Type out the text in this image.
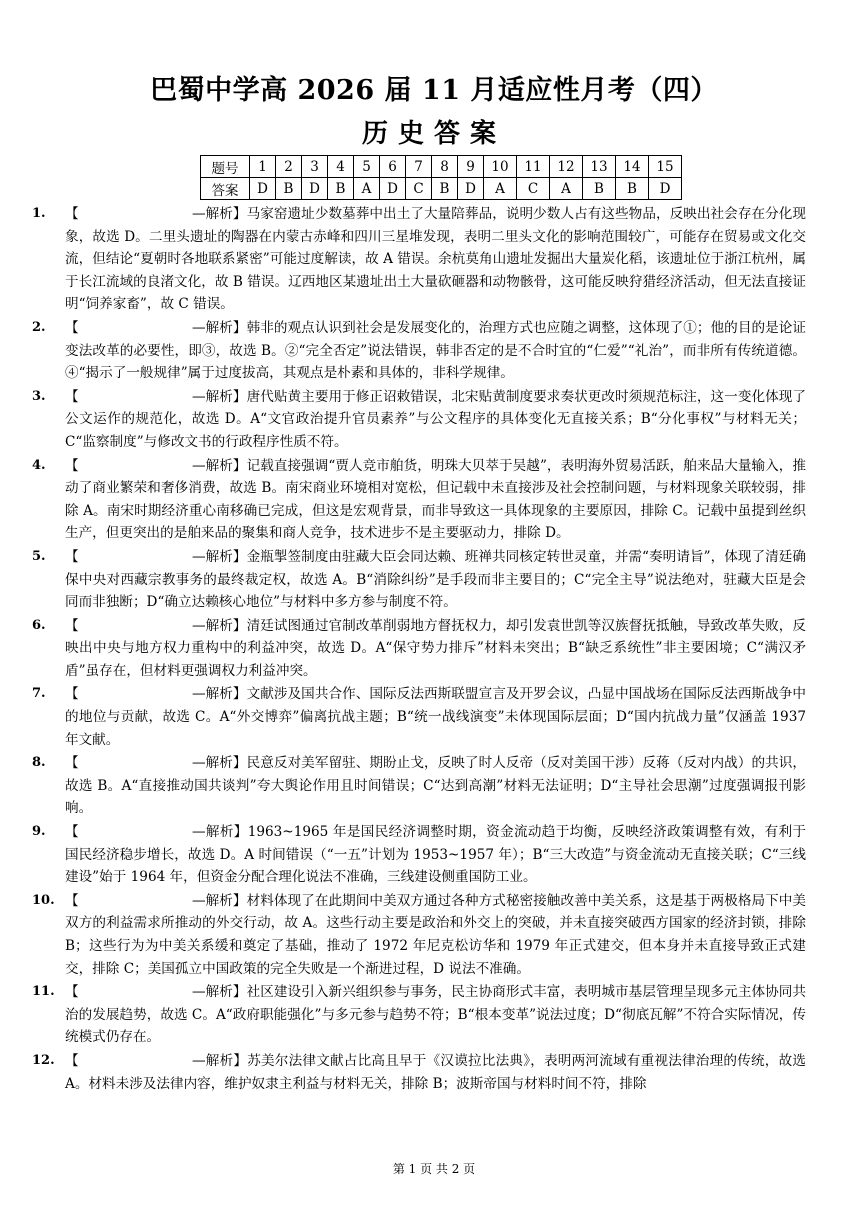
巴蜀中学高 2026 届 11 月适应性月考（四）
历史答案
题号	1	2	3	4	5	6	7	8	9	10	11	12	13	14	15
答案	D	B	D	B	A	D	C	B	D	A	C	A	B	B	D
1. 【	—解析】马家窑遗址少数墓葬中出土了大量陪葬品，说明少数人占有这些物品，反映出社会存在分化现象，故选 D。二里头遗址的陶器在内蒙古赤峰和四川三星堆发现，表明二里头文化的影响范围较广，可能存在贸易或文化交流，但结论“夏朝时各地联系紧密”可能过度解读，故 A 错误。余杭莫角山遗址发掘出大量炭化稻，该遗址位于浙江杭州，属于长江流域的良渚文化，故 B 错误。辽西地区某遗址出土大量砍砸器和动物骸骨，这可能反映狩猎经济活动，但无法直接证明“饲养家畜”，故 C 错误。
2. 【	—解析】韩非的观点认识到社会是发展变化的，治理方式也应随之调整，这体现了①；他的目的是论证变法改革的必要性，即③，故选 B。②“完全否定”说法错误，韩非否定的是不合时宜的“仁爱”“礼治”，而非所有传统道德。④“揭示了一般规律”属于过度拔高，其观点是朴素和具体的，非科学规律。
3. 【	—解析】唐代贴黄主要用于修正诏敕错误，北宋贴黄制度要求奏状更改时须规范标注，这一变化体现了公文运作的规范化，故选 D。A“文官政治提升官员素养”与公文程序的具体变化无直接关系；B“分化事权”与材料无关；C“监察制度”与修改文书的行政程序性质不符。
4. 【	—解析】记载直接强调“贾人竞市舶货，明珠大贝萃于吴越”，表明海外贸易活跃，舶来品大量输入，推动了商业繁荣和奢侈消费，故选 B。南宋商业环境相对宽松，但记载中未直接涉及社会控制问题，与材料现象关联较弱，排除 A。南宋时期经济重心南移确已完成，但这是宏观背景，而非导致这一具体现象的主要原因，排除 C。记载中虽提到丝织生产，但更突出的是舶来品的聚集和商人竞争，技术进步不是主要驱动力，排除 D。
5. 【	—解析】金瓶掣签制度由驻藏大臣会同达赖、班禅共同核定转世灵童，并需“奏明请旨”，体现了清廷确保中央对西藏宗教事务的最终裁定权，故选 A。B“消除纠纷”是手段而非主要目的；C“完全主导”说法绝对，驻藏大臣是会同而非独断；D“确立达赖核心地位”与材料中多方参与制度不符。
6. 【	—解析】清廷试图通过官制改革削弱地方督抚权力，却引发袁世凯等汉族督抚抵触，导致改革失败，反映出中央与地方权力重构中的利益冲突，故选 D。A“保守势力排斥”材料未突出；B“缺乏系统性”非主要困境；C“满汉矛盾”虽存在，但材料更强调权力利益冲突。
7. 【	—解析】文献涉及国共合作、国际反法西斯联盟宣言及开罗会议，凸显中国战场在国际反法西斯战争中的地位与贡献，故选 C。A“外交博弈”偏离抗战主题；B“统一战线演变”未体现国际层面；D“国内抗战力量”仅涵盖 1937 年文献。
8. 【	—解析】民意反对美军留驻、期盼止戈，反映了时人反帝（反对美国干涉）反蒋（反对内战）的共识，故选 B。A“直接推动国共谈判”夸大舆论作用且时间错误；C“达到高潮”材料无法证明；D“主导社会思潮”过度强调报刊影响。
9. 【	—解析】1963~1965 年是国民经济调整时期，资金流动趋于均衡，反映经济政策调整有效，有利于国民经济稳步增长，故选 D。A 时间错误（“一五”计划为 1953~1957 年）；B“三大改造”与资金流动无直接关联；C“三线建设”始于 1964 年，但资金分配合理化说法不准确，三线建设侧重国防工业。
10. 【	—解析】材料体现了在此期间中美双方通过各种方式秘密接触改善中美关系，这是基于两极格局下中美双方的利益需求所推动的外交行动，故 A。这些行动主要是政治和外交上的突破，并未直接突破西方国家的经济封锁，排除 B；这些行为为中美关系缓和奠定了基础，推动了 1972 年尼克松访华和 1979 年正式建交，但本身并未直接导致正式建交，排除 C；美国孤立中国政策的完全失败是一个渐进过程，D 说法不准确。
11. 【	—解析】社区建设引入新兴组织参与事务，民主协商形式丰富，表明城市基层管理呈现多元主体协同共治的发展趋势，故选 C。A“政府职能强化”与多元参与趋势不符；B“根本变革”说法过度；D“彻底瓦解”不符合实际情况，传统模式仍存在。
12. 【	—解析】苏美尔法律文献占比高且早于《汉谟拉比法典》，表明两河流域有重视法律治理的传统，故选 A。材料未涉及法律内容，维护奴隶主利益与材料无关，排除 B；波斯帝国与材料时间不符，排除
第 1 页 共 2 页
